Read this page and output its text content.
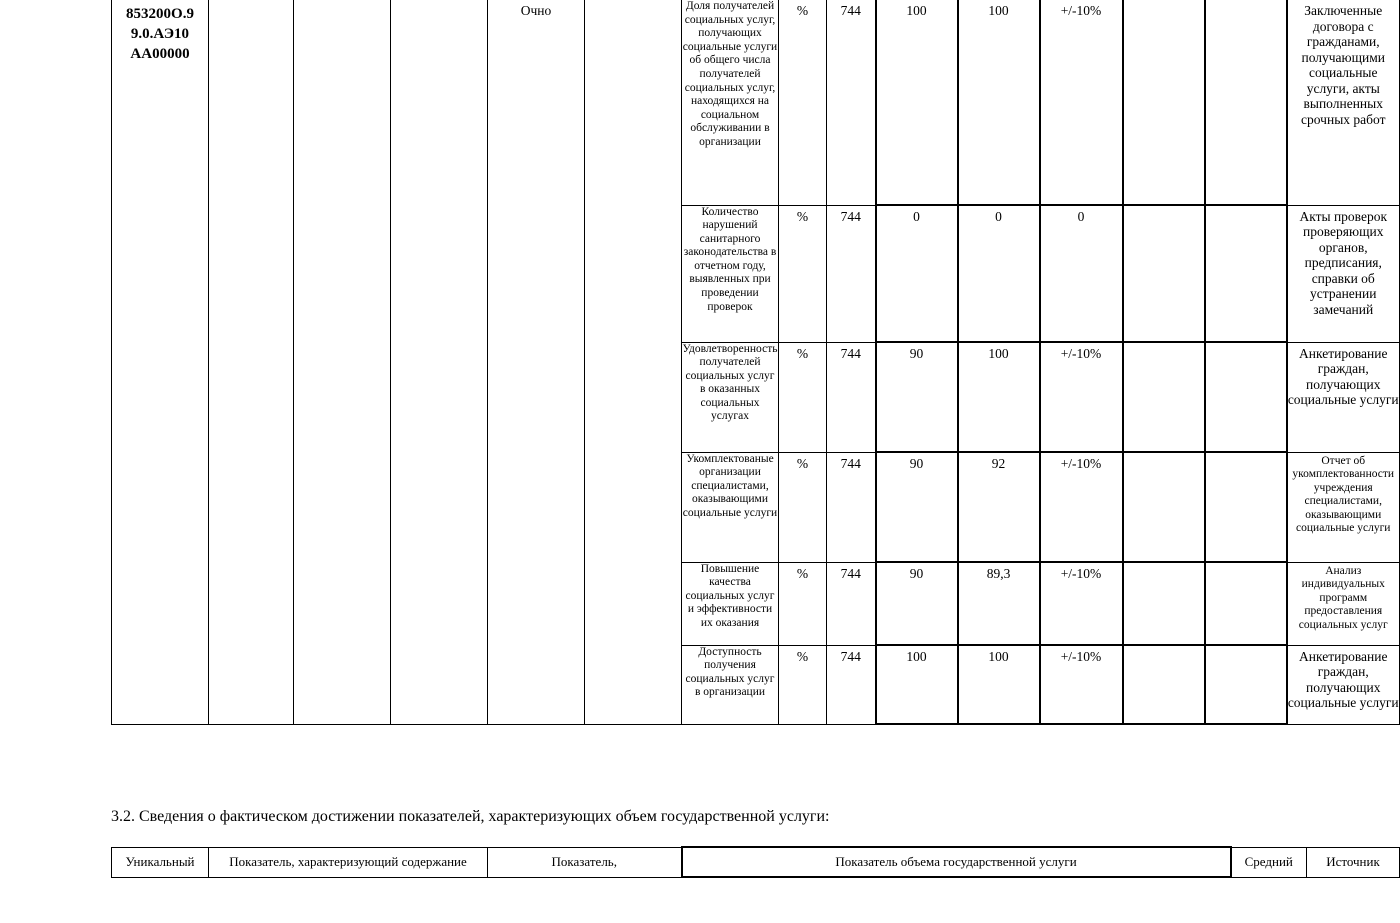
853200О.9
9.0.АЭ10
АА00000				Очно		Доля получателей социальных услуг, получающих социальные услуги об общего числа получателей социальных услуг, находящихся на социальном обслуживании в организации	%	744	100	100	+/-10%			Заключенные договора с гражданами, получающими социальные услуги, акты выполненных срочных работ
						Количество нарушений санитарного законодательства в отчетном году, выявленных при проведении проверок	%	744	0	0	0			Акты проверок проверяющих органов, предписания, справки об устранении замечаний
						Удовлетворенность получателей социальных услуг в оказанных социальных услугах	%	744	90	100	+/-10%			Анкетирование граждан, получающих социальные услуги
						Укомплектованые организации специалистами, оказывающими социальные услуги	%	744	90	92	+/-10%			Отчет об укомплектованности учреждения специалистами, оказывающими социальные услуги
						Повышение качества социальных услуг и эффективности их оказания	%	744	90	89,3	+/-10%			Анализ индивидуальных программ предоставления социальных услуг
						Доступность получения социальных услуг в организации	%	744	100	100	+/-10%			Анкетирование граждан, получающих социальные услуги
3.2. Сведения о фактическом достижении показателей, характеризующих объем государственной услуги:
Уникальный	Показатель, характеризующий содержание	Показатель,	Показатель объема государственной услуги	Средний	Источник
